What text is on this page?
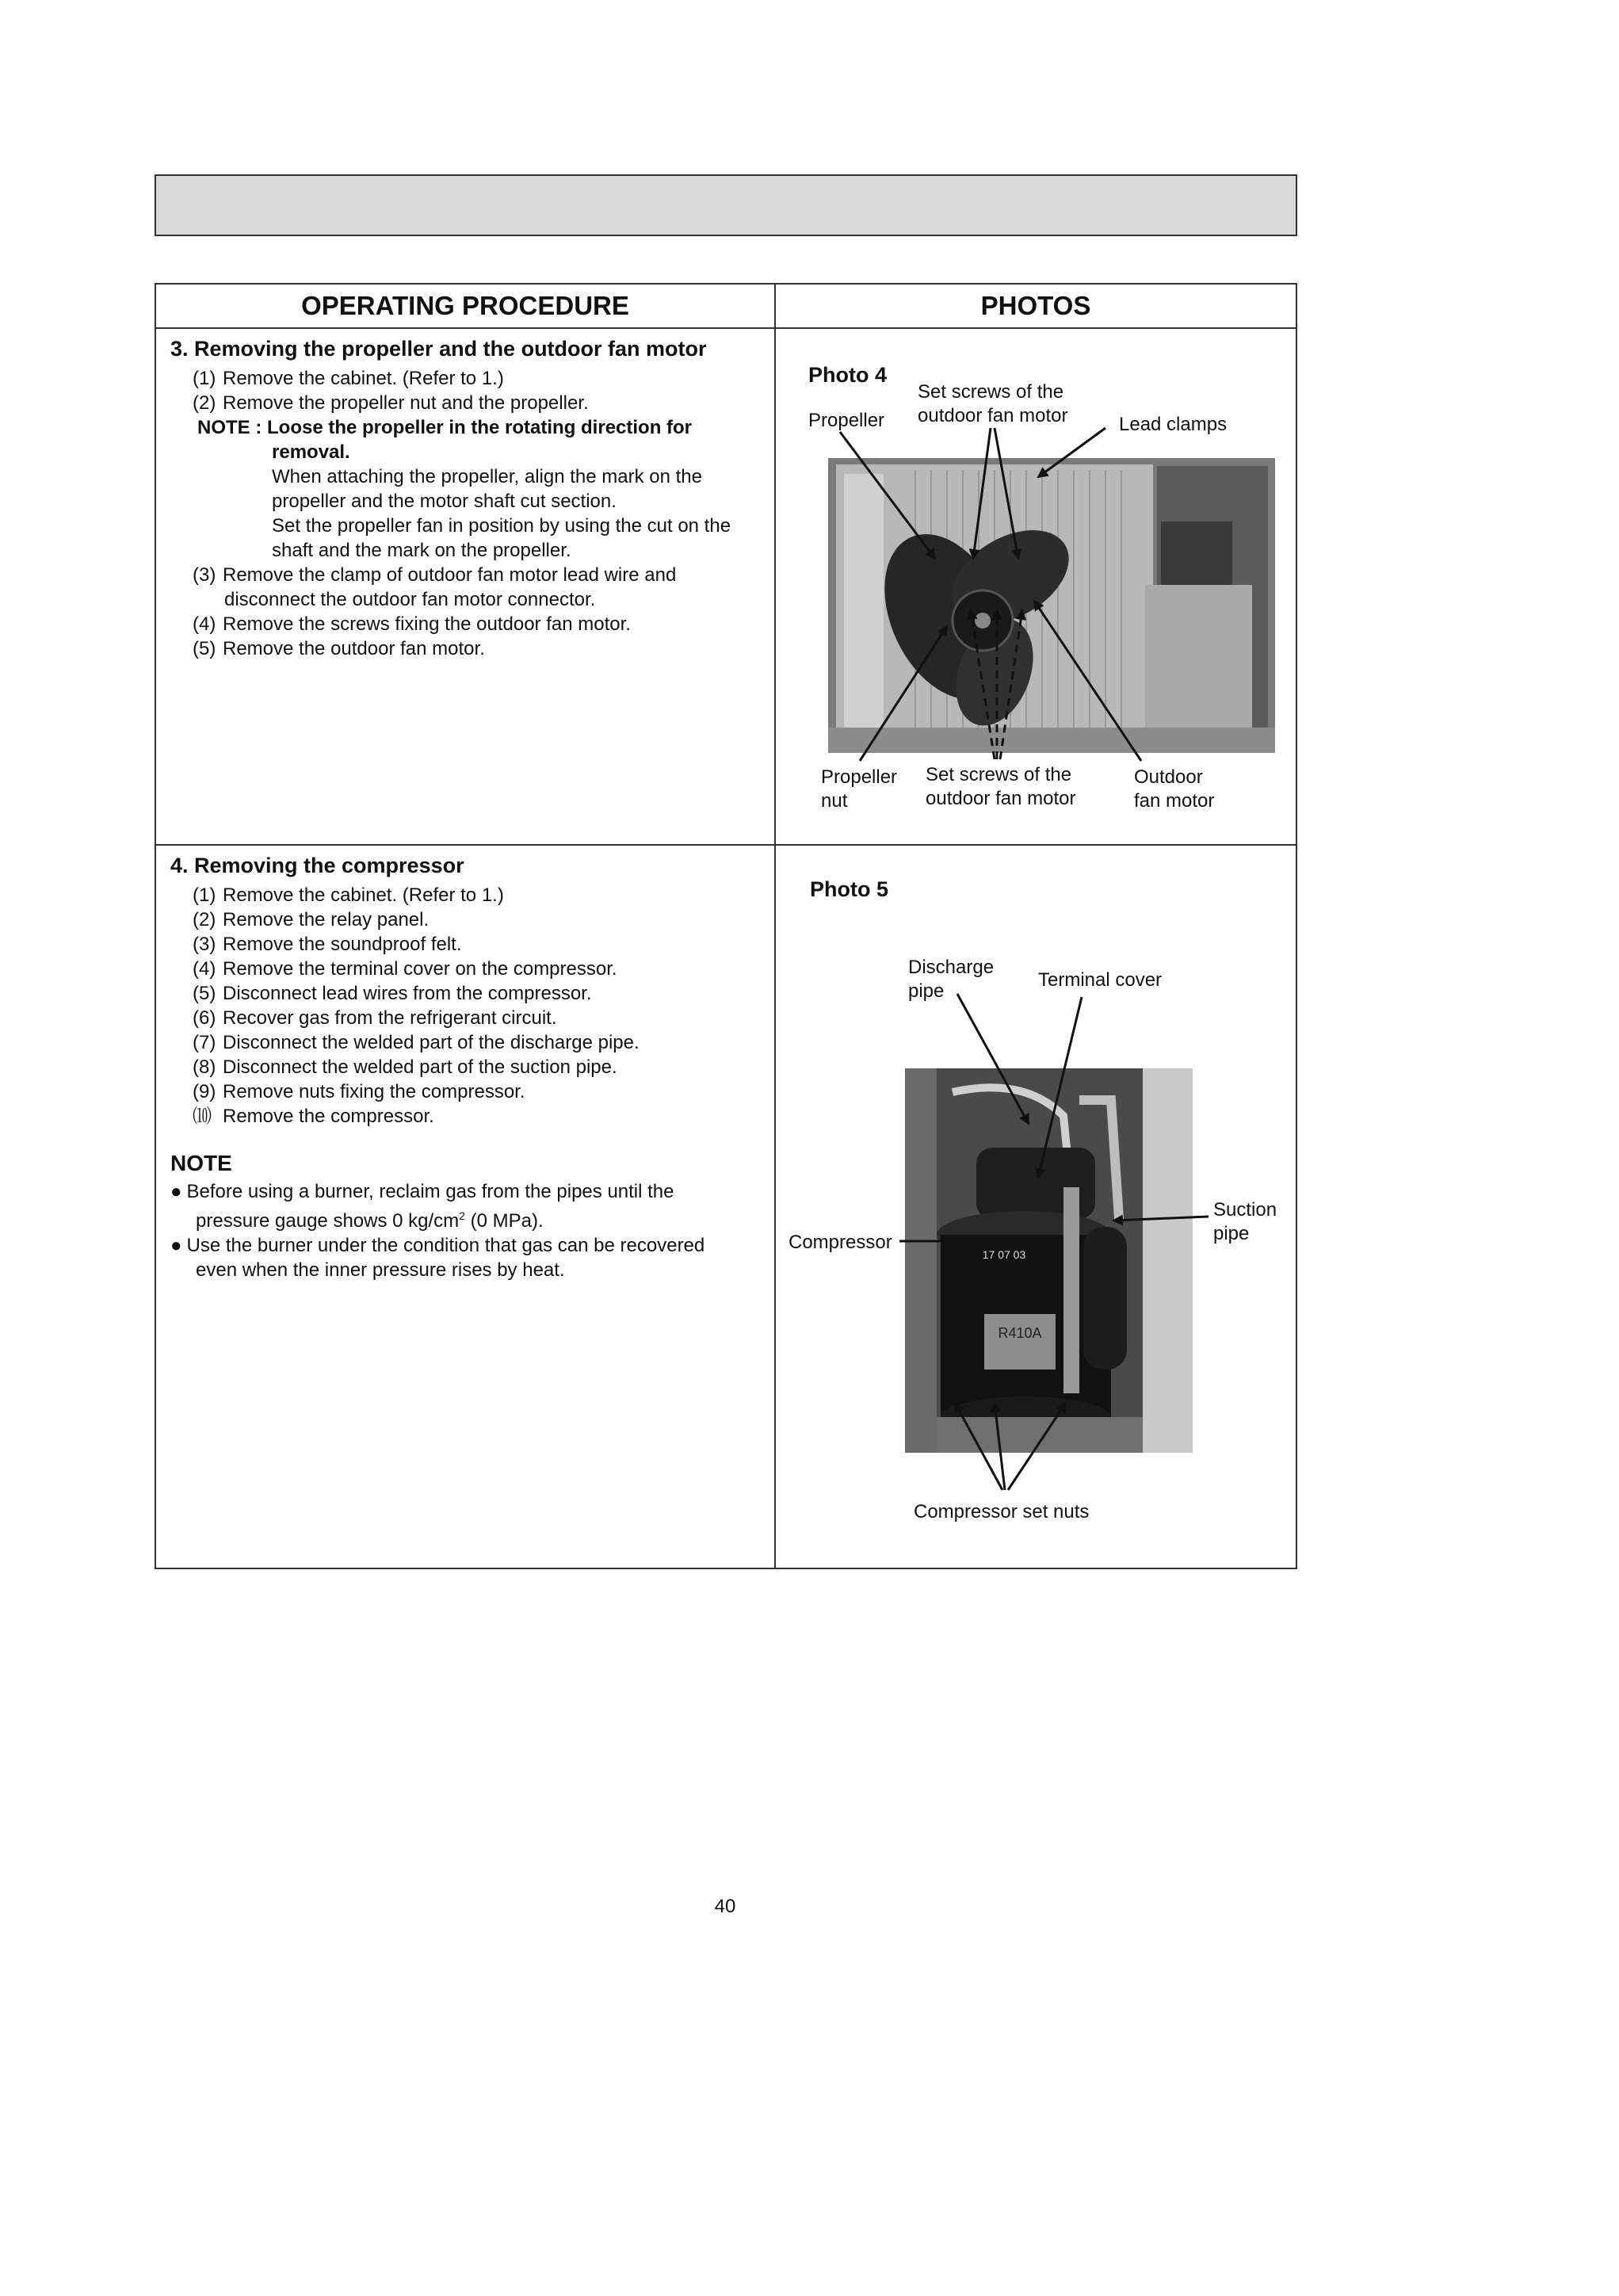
OPERATING PROCEDURE	PHOTOS
3. Removing the propeller and the outdoor fan motor
(1) Remove the cabinet. (Refer to 1.)
(2) Remove the propeller nut and the propeller.
NOTE : Loose the propeller in the rotating direction for
removal.
When attaching the propeller, align the mark on the
propeller and the motor shaft cut section.
Set the propeller fan in position by using the cut on the
shaft and the mark on the propeller.
(3) Remove the clamp of outdoor fan motor lead wire and
disconnect the outdoor fan motor connector.
(4) Remove the screws fixing the outdoor fan motor.
(5) Remove the outdoor fan motor.
4. Removing the compressor
(1) Remove the cabinet. (Refer to 1.)
(2) Remove the relay panel.
(3) Remove the soundproof felt.
(4) Remove the terminal cover on the compressor.
(5) Disconnect lead wires from the compressor.
(6) Recover gas from the refrigerant circuit.
(7) Disconnect the welded part of the discharge pipe.
(8) Disconnect the welded part of the suction pipe.
(9) Remove nuts fixing the compressor.
⑽ Remove the compressor.
NOTE
● Before using a burner, reclaim gas from the pipes until the
pressure gauge shows 0 $kg/cm^2$ (0 MPa).
● Use the burner under the condition that gas can be recovered
even when the inner pressure rises by heat.
Photo 4
Propeller
Set screws of the
outdoor fan motor	Lead clamps
Propeller
nut
Set screws of the
outdoor fan motor
Outdoor
fan motor
Photo 5
Discharge
pipe
Terminal cover
Suction
pipe
Compressor
R410A
17 07 03
Compressor set nuts
40
